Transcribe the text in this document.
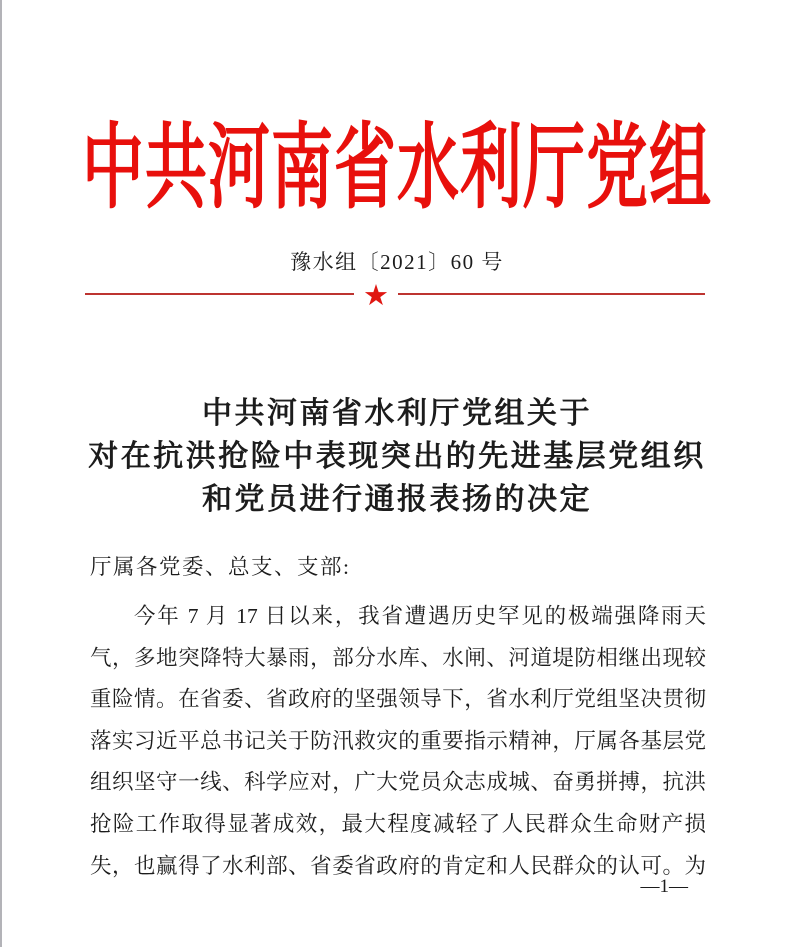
中共河南省水利厅党组
豫水组〔2021〕60 号
★
中共河南省水利厅党组关于
对在抗洪抢险中表现突出的先进基层党组织
和党员进行通报表扬的决定
厅属各党委、总支、支部:
今年 7 月 17 日以来，我省遭遇历史罕见的极端强降雨天
气，多地突降特大暴雨，部分水库、水闸、河道堤防相继出现较
重险情。在省委、省政府的坚强领导下，省水利厅党组坚决贯彻
落实习近平总书记关于防汛救灾的重要指示精神，厅属各基层党
组织坚守一线、科学应对，广大党员众志成城、奋勇拼搏，抗洪
抢险工作取得显著成效，最大程度减轻了人民群众生命财产损
失，也赢得了水利部、省委省政府的肯定和人民群众的认可。为
—1—
